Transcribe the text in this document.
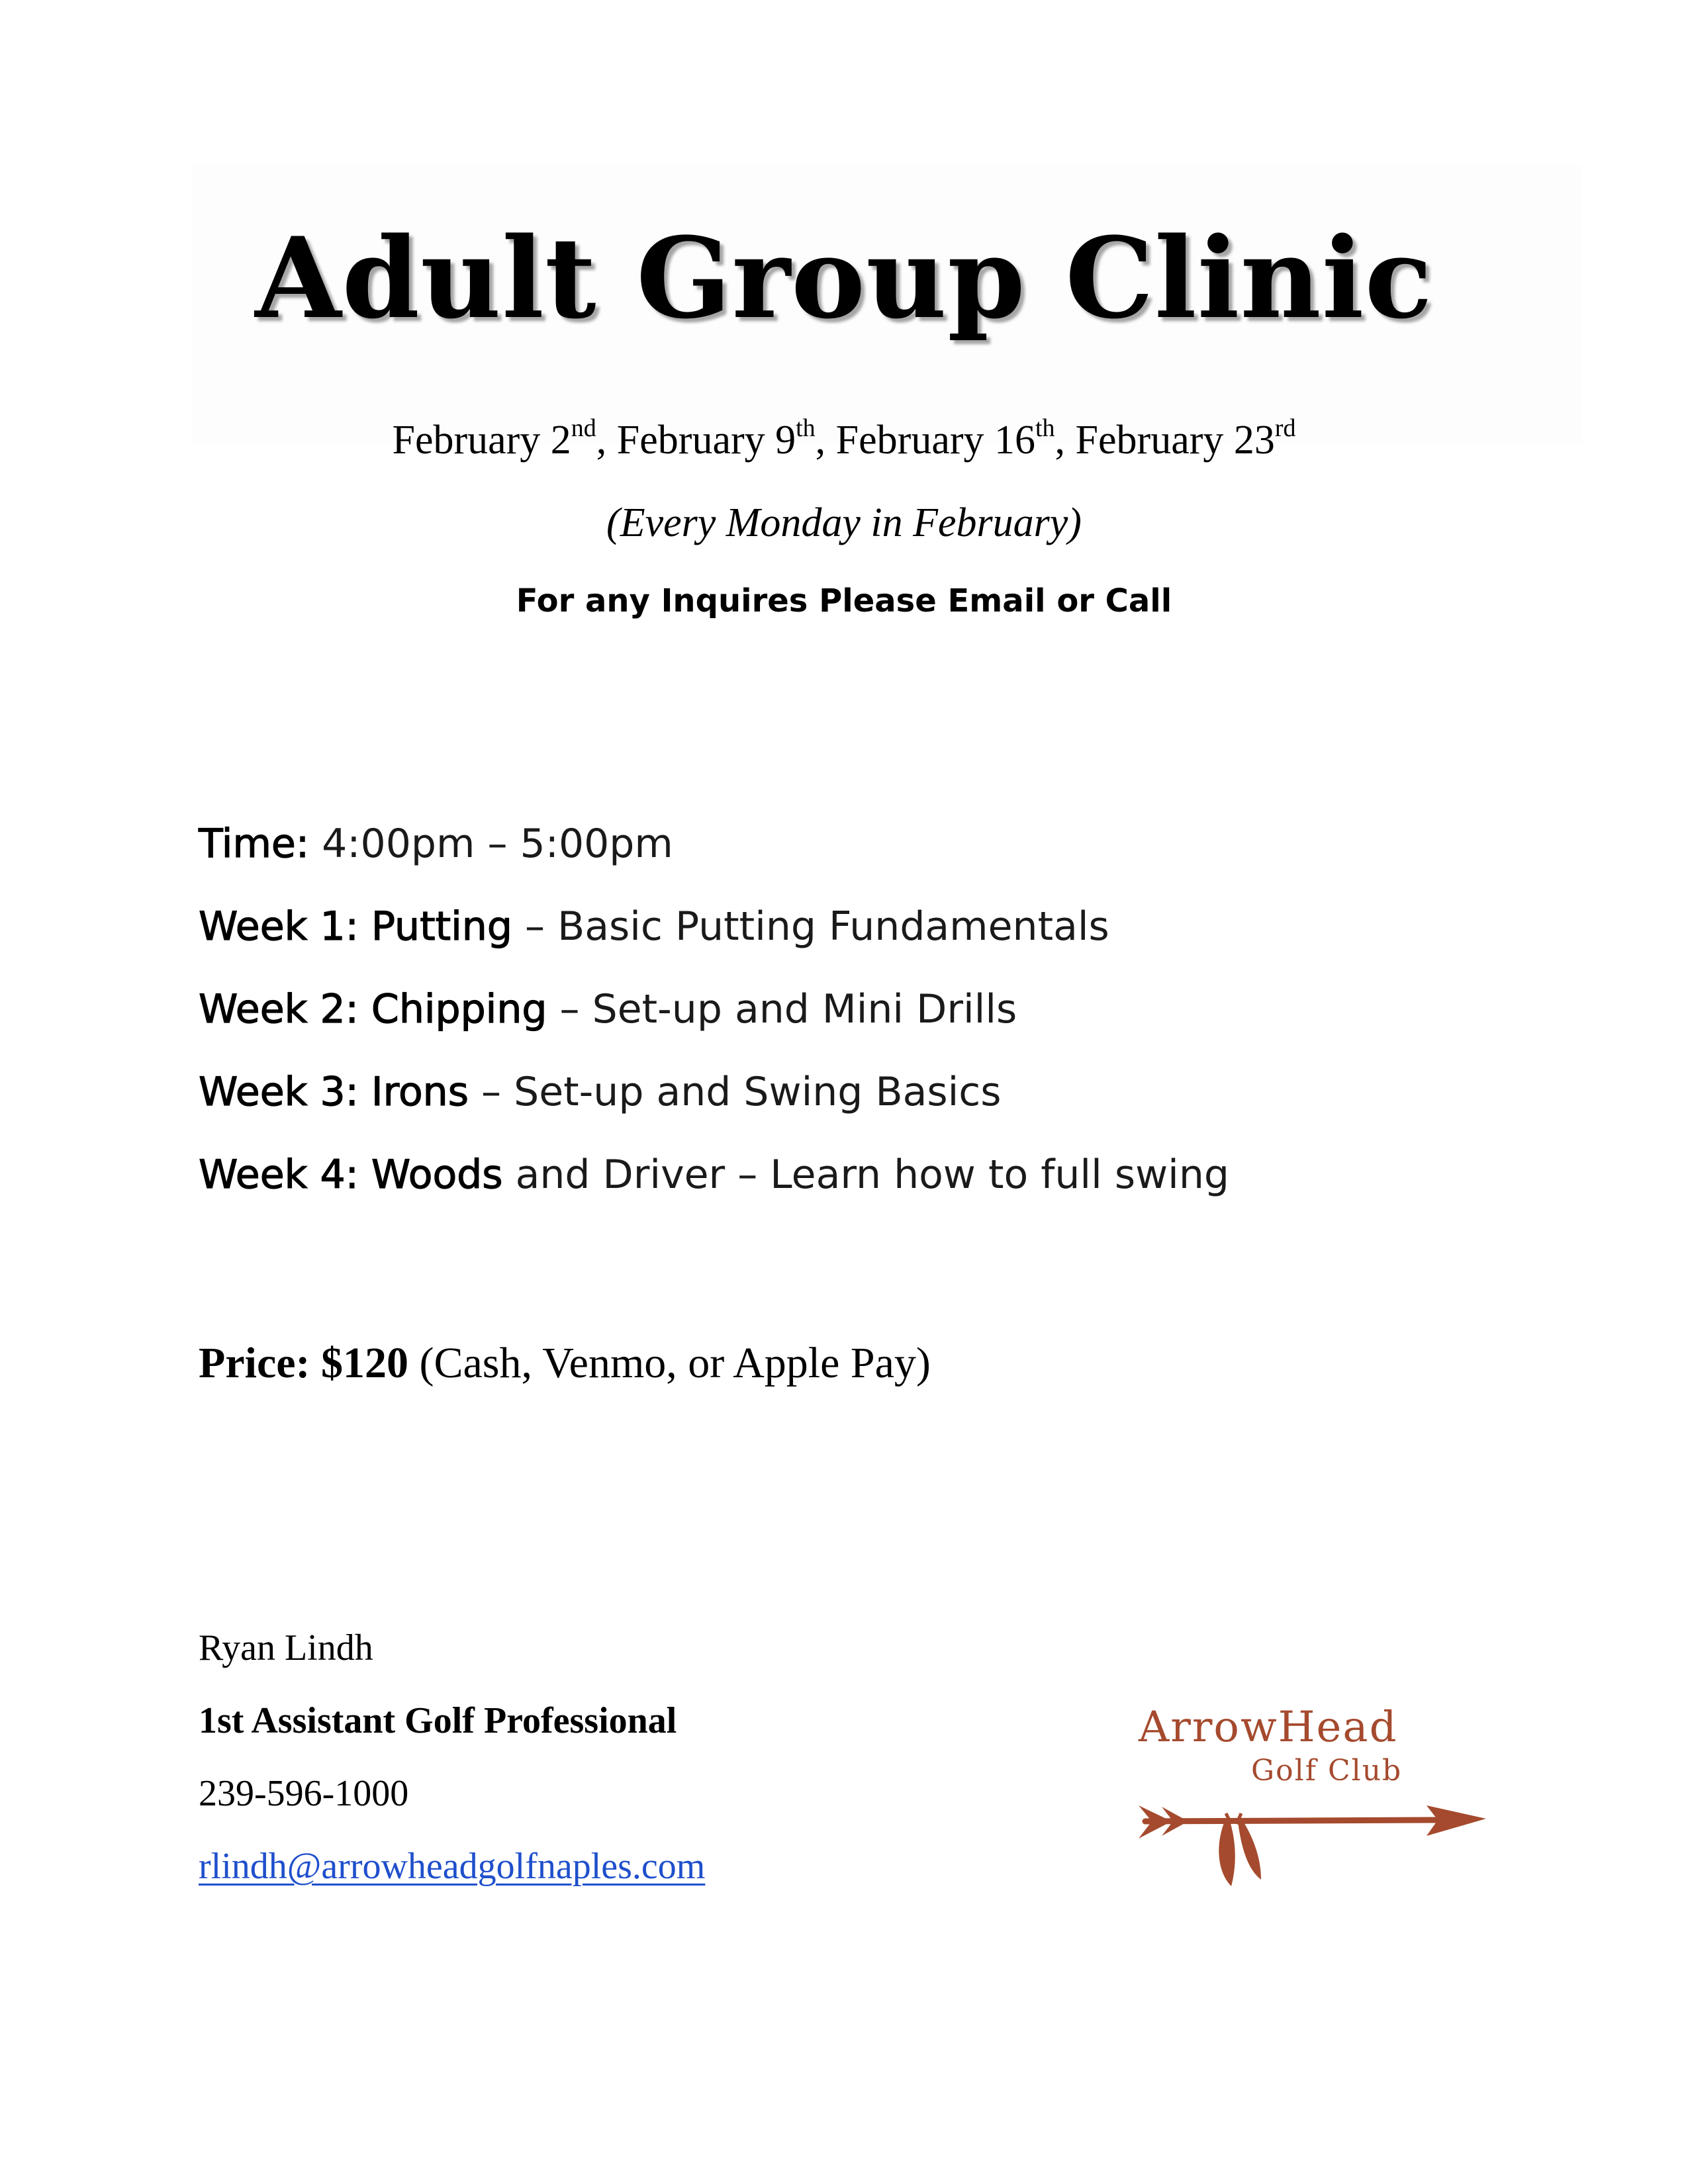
Adult Group Clinic
February 2nd, February 9th, February 16th, February 23rd
(Every Monday in February)
For any Inquires Please Email or Call
Time: 4:00pm – 5:00pm
Week 1: Putting – Basic Putting Fundamentals
Week 2: Chipping – Set-up and Mini Drills
Week 3: Irons – Set-up and Swing Basics
Week 4: Woods and Driver – Learn how to full swing
Price: $120 (Cash, Venmo, or Apple Pay)
Ryan Lindh
1st Assistant Golf Professional
239-596-1000
rlindh@arrowheadgolfnaples.com
ArrowHead
Golf Club
